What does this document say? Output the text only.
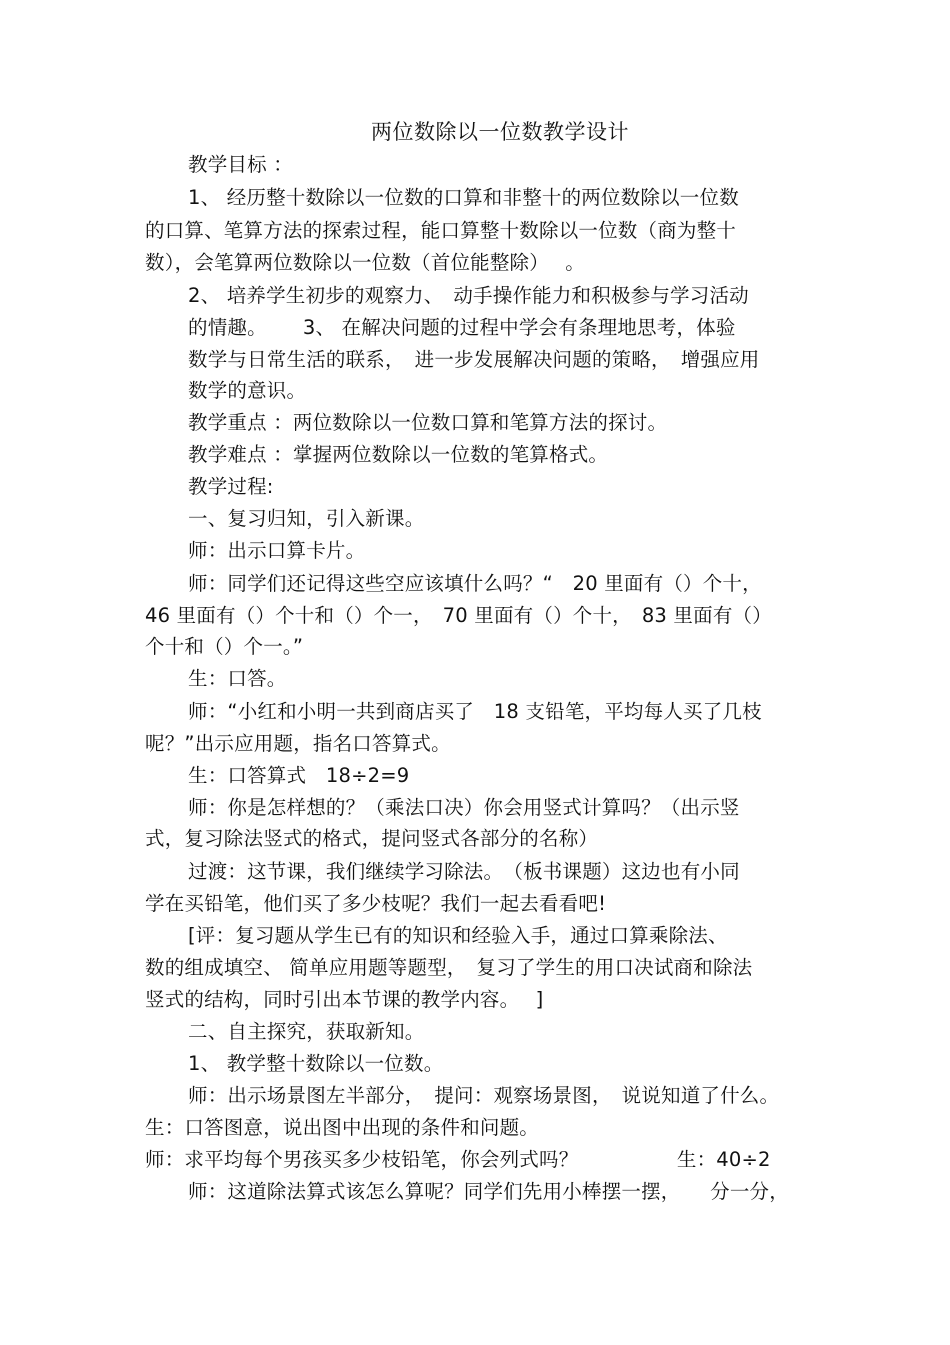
两位数除以一位数教学设计
教学目标 ：
1、 经历整十数除以一位数的口算和非整十的两位数除以一位数
的口算、笔算方法的探索过程，能口算整十数除以一位数（商为整十
数），会笔算两位数除以一位数（首位能整除）　 。
2、 培养学生初步的观察力、　动手操作能力和积极参与学习活动
的情趣。　　 3、 在解决问题的过程中学会有条理地思考，体验
数学与日常生活的联系，　进一步发展解决问题的策略，　增强应用
数学的意识。
教学重点 ：两位数除以一位数口算和笔算方法的探讨。
教学难点 ：掌握两位数除以一位数的笔算格式。
教学过程:
一、复习归知，引入新课。
师：出示口算卡片。
师：同学们还记得这些空应该填什么吗？“　20 里面有（）个十，
46 里面有（）个十和（）个一，　70 里面有（）个十，　83 里面有（）
个十和（）个一。”
生：口答。
师：“小红和小明一共到商店买了　18 支铅笔，平均每人买了几枝
呢？”出示应用题，指名口答算式。
生：口答算式　18÷2=9
师：你是怎样想的？（乘法口决）你会用竖式计算吗？（出示竖
式，复习除法竖式的格式，提问竖式各部分的名称）
过渡：这节课，我们继续学习除法。　（板书课题）这边也有小同
学在买铅笔，他们买了多少枝呢？我们一起去看看吧!
[评：复习题从学生已有的知识和经验入手，通过口算乘除法、
数的组成填空、 简单应用题等题型，　复习了学生的用口决试商和除法
竖式的结构，同时引出本节课的教学内容。　 ]
二、自主探究，获取新知。
1、 教学整十数除以一位数。
师：出示场景图左半部分，　提问：观察场景图，　说说知道了什么。
生：口答图意，说出图中出现的条件和问题。
师：求平均每个男孩买多少枝铅笔，你会列式吗？　　　　　生：40÷2
师：这道除法算式该怎么算呢？同学们先用小棒摆一摆，　　分一分，
